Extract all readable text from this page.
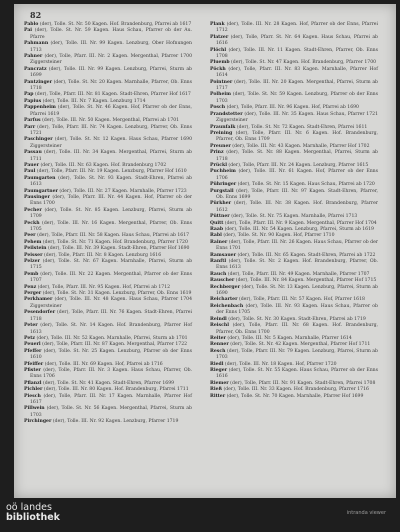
82

Pablo (der), Tolle. St. Nr. 50 Kagen. Hof. Brandenburg, Pfarrei ab 1617

Pai (der), Tolle. St. Nr. 59 Kagen. Haus Schau, Pfarrer ob der Au. Pfarre

Pahmann (der), Tolle. III. Nr. 99 Kagen. Lenzburg, Ober Hofnungen 1713

Pahner (der), Tolle, Pfarr. III. Nr. 2 Kagen. Mergenthal, Pfarrer 1700 Ziggersteiner

Pancratz (der), Tolle. III. Nr. 99 Kagen. Lenzburg, Pfarrei, Sturm ab 1699

Pantzinger (der), Tolle. St. Nr. 20 Kagen. Marnhalle, Pfarrer, Ob. Enns 1718

Pap (der), Tolle, Pfarr. III. Nr. 81 Kagen. Stadt-Ehren, Pfarrer Hof 1617

Papius (der), Tolle. III. Nr. 7 Kagen. Lenzburg 1714

Pappenheim (der), Tolle. St. Nr. 46 Kagen. Hof, Pfarrer ob der Enns, Pfarrei 1619

Parfus (der), Tolle. III. Nr. 50 Kagen. Mergenthal, Pfarrei ab 1701

Parr (der), Tolle, Pfarr. III. Nr. 74 Kagen. Lenzburg, Pfarrer, Ob. Enns 1721

Paschinger (der), Tolle. St. Nr. 12 Kagen. Haus Schau, Pfarrer 1690 Ziggersteiner

Passau (der), Tolle. III. Nr. 34 Kagen. Mergenthal, Pfarrei, Sturm ab 1711

Pauer (der), Tolle. III. Nr. 63 Kagen. Hof. Brandenburg 1702

Paul (der), Tolle, Pfarr. III. Nr. 19 Kagen. Lenzburg, Pfarrer Hof 1610

Paumgarten (der), Tolle. St. Nr. 93 Kagen. Stadt-Ehren, Pfarrei ab 1613

Paumgartner (der), Tolle. III. Nr. 27 Kagen. Marnhalle, Pfarrer 1723

Pausinger (der), Tolle, Pfarr. III. Nr. 44 Kagen. Hof, Pfarrer ob der Enns 1700

Pecher (der), Tolle. St. Nr. 85 Kagen. Lenzburg, Pfarrei, Sturm ab 1709

Peckh (der), Tolle. III. Nr. 16 Kagen. Mergenthal, Pfarrer, Ob. Enns 1705

Peer (der), Tolle, Pfarr. III. Nr. 58 Kagen. Haus Schau, Pfarrei ab 1617

Pehem (der), Tolle. St. Nr. 71 Kagen. Hof. Brandenburg, Pfarrer 1720

Peilstein (der), Tolle. III. Nr. 39 Kagen. Stadt-Ehren, Pfarrer Hof 1690

Peisser (der), Tolle, Pfarr. III. Nr. 8 Kagen. Lenzburg 1616

Pelzer (der), Tolle. St. Nr. 67 Kagen. Marnhalle, Pfarrei, Sturm ab 1715

Pemb (der), Tolle. III. Nr. 22 Kagen. Mergenthal, Pfarrer ob der Enns 1707

Penz (der), Tolle, Pfarr. III. Nr. 95 Kagen. Hof, Pfarrei ab 1712

Perger (der), Tolle. St. Nr. 31 Kagen. Lenzburg, Pfarrer, Ob. Enns 1619

Perkhamer (der), Tolle. III. Nr. 48 Kagen. Haus Schau, Pfarrer 1704 Ziggersteiner

Pesendorfer (der), Tolle, Pfarr. III. Nr. 76 Kagen. Stadt-Ehren, Pfarrei 1718

Peter (der), Tolle. St. Nr. 14 Kagen. Hof. Brandenburg, Pfarrer Hof 1613

Petz (der), Tolle. III. Nr. 52 Kagen. Marnhalle, Pfarrei, Sturm ab 1701

Peuerl (der), Tolle, Pfarr. III. Nr. 87 Kagen. Mergenthal, Pfarrer 1722

Pfeffer (der), Tolle. St. Nr. 25 Kagen. Lenzburg, Pfarrer ob der Enns 1610

Pfeiffer (der), Tolle. III. Nr. 69 Kagen. Hof, Pfarrei ab 1716

Pfister (der), Tolle, Pfarr. III. Nr. 3 Kagen. Haus Schau, Pfarrer, Ob. Enns 1706

Pflanzl (der), Tolle. St. Nr. 41 Kagen. Stadt-Ehren, Pfarrer 1699

Pichler (der), Tolle. III. Nr. 80 Kagen. Hof. Brandenburg, Pfarrei 1711

Piesch (der), Tolle, Pfarr. III. Nr. 17 Kagen. Marnhalle, Pfarrer Hof 1617

Pillwein (der), Tolle. St. Nr. 56 Kagen. Mergenthal, Pfarrei, Sturm ab 1703

Pirchinger (der), Tolle. III. Nr. 92 Kagen. Lenzburg, Pfarrer 1719

Plank (der), Tolle. III. Nr. 28 Kagen. Hof, Pfarrer ob der Enns, Pfarrei 1712

Platzer (der), Tolle, Pfarr. St. Nr. 64 Kagen. Haus Schau, Pfarrei ab 1616

Plöchl (der), Tolle. III. Nr. 11 Kagen. Stadt-Ehren, Pfarrer, Ob. Enns 1708

Pluemb (der), Tolle. St. Nr. 47 Kagen. Hof. Brandenburg, Pfarrer 1700

Pöckh (der), Tolle, Pfarr. III. Nr. 83 Kagen. Marnhalle, Pfarrer Hof 1614

Pointner (der), Tolle. III. Nr. 20 Kagen. Mergenthal, Pfarrei, Sturm ab 1717

Polheim (der), Tolle. St. Nr. 59 Kagen. Lenzburg, Pfarrer ob der Enns 1703

Posch (der), Tolle, Pfarr. III. Nr. 96 Kagen. Hof, Pfarrei ab 1690

Prandstetter (der), Tolle. III. Nr. 35 Kagen. Haus Schau, Pfarrer 1721 Ziggersteiner

Praunfalk (der), Tolle. St. Nr. 72 Kagen. Stadt-Ehren, Pfarrei 1611

Preining (der), Tolle, Pfarr. III. Nr. 6 Kagen. Hof. Brandenburg, Pfarrer, Ob. Enns 1709

Preuner (der), Tolle. III. Nr. 43 Kagen. Marnhalle, Pfarrer Hof 1702

Prinz (der), Tolle. St. Nr. 88 Kagen. Mergenthal, Pfarrei, Sturm ab 1718

Prückl (der), Tolle, Pfarr. III. Nr. 24 Kagen. Lenzburg, Pfarrer 1615

Puchheim (der), Tolle. III. Nr. 61 Kagen. Hof, Pfarrer ob der Enns 1706

Pühringer (der), Tolle. St. Nr. 15 Kagen. Haus Schau, Pfarrei ab 1720

Purgstall (der), Tolle, Pfarr. III. Nr. 97 Kagen. Stadt-Ehren, Pfarrer, Ob. Enns 1699

Pürkher (der), Tolle. III. Nr. 38 Kagen. Hof. Brandenburg, Pfarrer 1612

Püttner (der), Tolle. St. Nr. 75 Kagen. Marnhalle, Pfarrei 1713

Quitt (der), Tolle, Pfarr. III. Nr. 9 Kagen. Mergenthal, Pfarrer Hof 1704

Raab (der), Tolle. III. Nr. 54 Kagen. Lenzburg, Pfarrei, Sturm ab 1619

Rabl (der), Tolle. St. Nr. 90 Kagen. Hof, Pfarrer 1710

Rainer (der), Tolle, Pfarr. III. Nr. 26 Kagen. Haus Schau, Pfarrer ob der Enns 1701

Ramsauer (der), Tolle. III. Nr. 65 Kagen. Stadt-Ehren, Pfarrei ab 1722

Ranftl (der), Tolle. St. Nr. 2 Kagen. Hof. Brandenburg, Pfarrer, Ob. Enns 1613

Rauch (der), Tolle, Pfarr. III. Nr. 49 Kagen. Marnhalle, Pfarrer 1707

Rauscher (der), Tolle. III. Nr. 84 Kagen. Mergenthal, Pfarrer Hof 1715

Rechberger (der), Tolle. St. Nr. 13 Kagen. Lenzburg, Pfarrei, Sturm ab 1690

Reicharter (der), Tolle, Pfarr. III. Nr. 57 Kagen. Hof, Pfarrer 1618

Reichenbach (der), Tolle. III. Nr. 93 Kagen. Haus Schau, Pfarrer ob der Enns 1705

Reindl (der), Tolle. St. Nr. 30 Kagen. Stadt-Ehren, Pfarrei ab 1719

Reischl (der), Tolle, Pfarr. III. Nr. 68 Kagen. Hof. Brandenburg, Pfarrer, Ob. Enns 1700

Reiter (der), Tolle. III. Nr. 5 Kagen. Marnhalle, Pfarrer 1614

Renner (der), Tolle. St. Nr. 42 Kagen. Mergenthal, Pfarrer Hof 1711

Resch (der), Tolle, Pfarr. III. Nr. 79 Kagen. Lenzburg, Pfarrei, Sturm ab 1703

Riedl (der), Tolle. III. Nr. 18 Kagen. Hof, Pfarrer 1720

Rieger (der), Tolle. St. Nr. 55 Kagen. Haus Schau, Pfarrer ob der Enns 1616

Riemer (der), Tolle, Pfarr. III. Nr. 91 Kagen. Stadt-Ehren, Pfarrei 1708

Rieß (der), Tolle. III. Nr. 33 Kagen. Hof. Brandenburg, Pfarrer 1716

Ritter (der), Tolle. St. Nr. 70 Kagen. Marnhalle, Pfarrer Hof 1699

oö landes
bibliothek	intranda viewer
